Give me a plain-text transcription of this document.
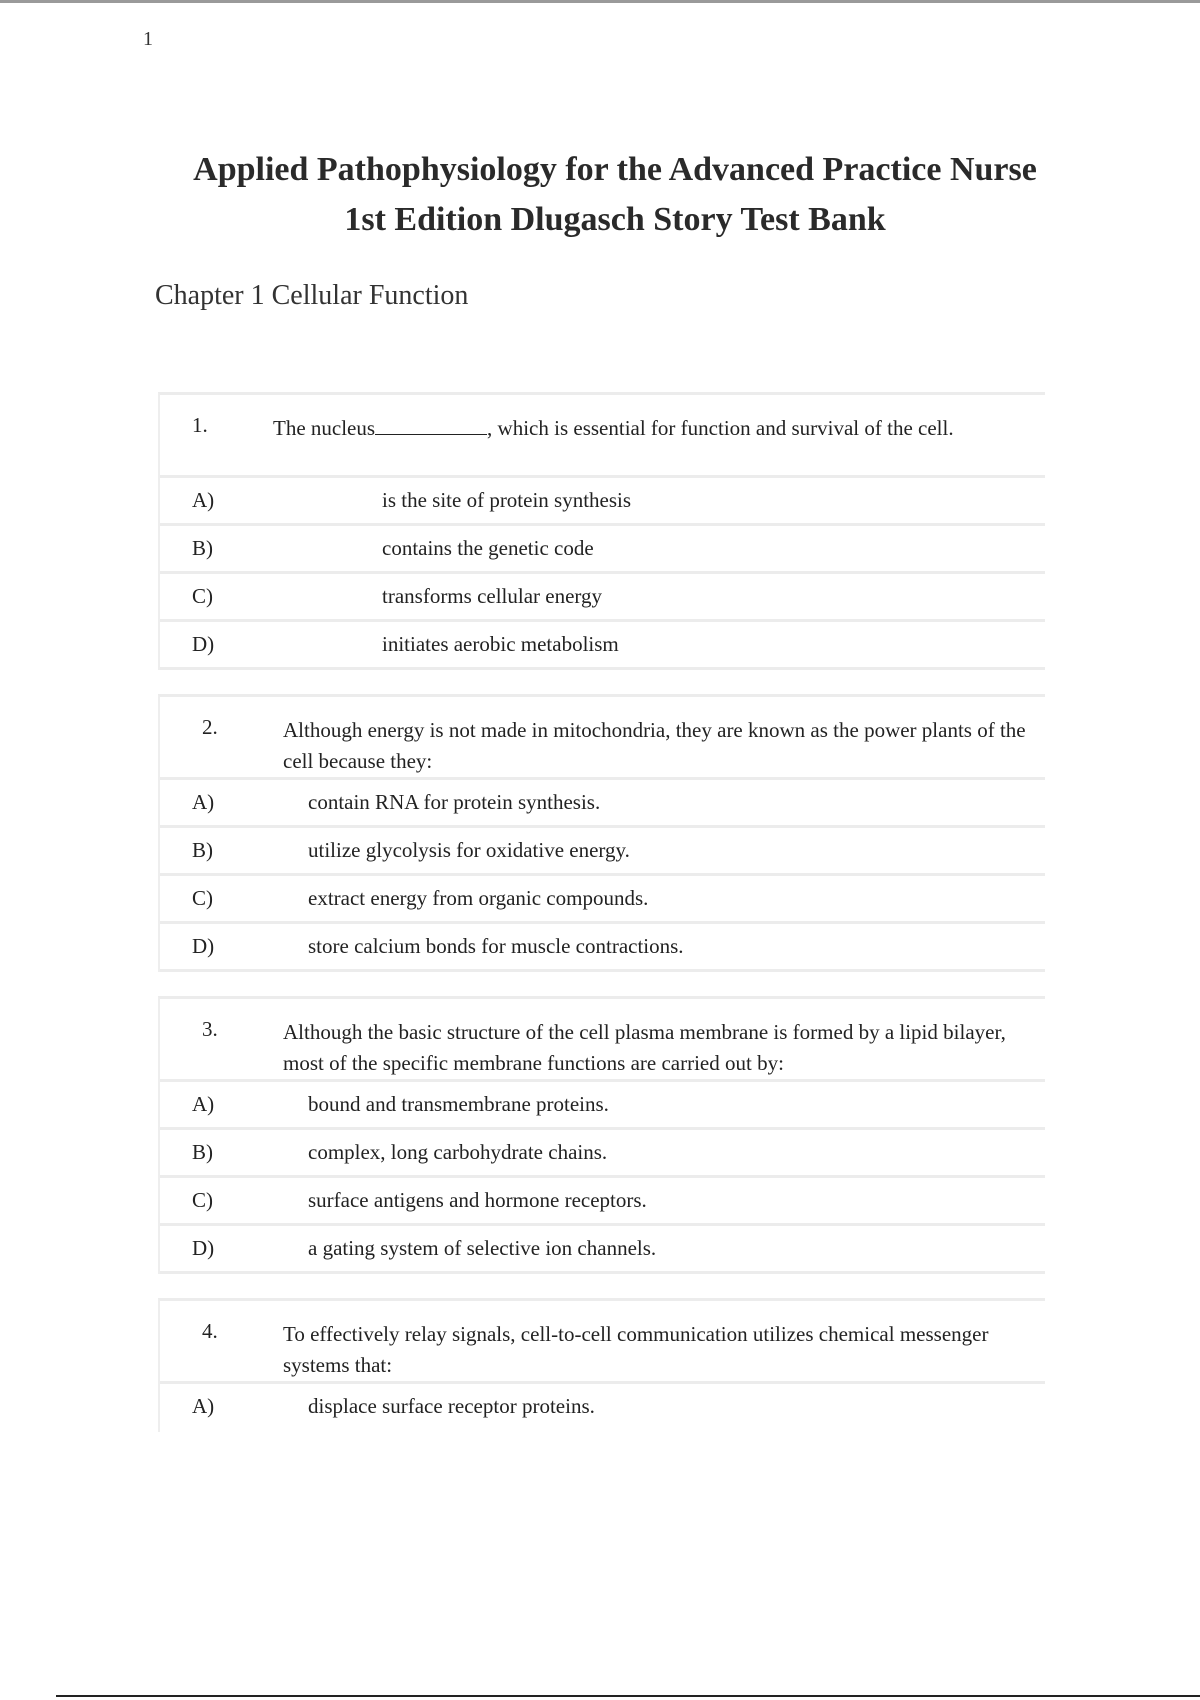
1
Applied Pathophysiology for the Advanced Practice Nurse 1st Edition Dlugasch Story Test Bank
Chapter 1 Cellular Function
1.	The nucleus	, which is essential for function and survival of the cell.
A)	is the site of protein synthesis
B)	contains the genetic code
C)	transforms cellular energy
D)	initiates aerobic metabolism
2.	Although energy is not made in mitochondria, they are known as the power plants of the cell because they:
A)	contain RNA for protein synthesis.
B)	utilize glycolysis for oxidative energy.
C)	extract energy from organic compounds.
D)	store calcium bonds for muscle contractions.
3.	Although the basic structure of the cell plasma membrane is formed by a lipid bilayer, most of the specific membrane functions are carried out by:
A)	bound and transmembrane proteins.
B)	complex, long carbohydrate chains.
C)	surface antigens and hormone receptors.
D)	a gating system of selective ion channels.
4.	To effectively relay signals, cell-to-cell communication utilizes chemical messenger systems that:
A)	displace surface receptor proteins.
